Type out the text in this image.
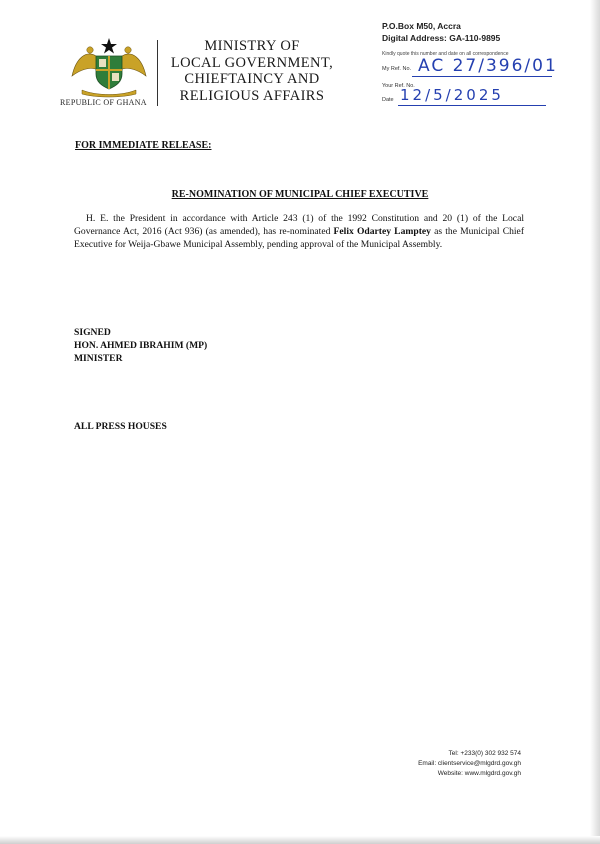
REPUBLIC OF GHANA
MINISTRY OF
LOCAL GOVERNMENT,
CHIEFTAINCY AND
RELIGIOUS AFFAIRS
P.O.Box M50, Accra
Digital Address: GA-110-9895
Kindly quote this number and date on all correspondence
My Ref. No. AC 27/396/01
Your Ref. No.
Date 12/5/2025
FOR IMMEDIATE RELEASE:
RE-NOMINATION OF MUNICIPAL CHIEF EXECUTIVE
H. E. the President in accordance with Article 243 (1) of the 1992 Constitution and 20 (1) of the Local Governance Act, 2016 (Act 936) (as amended), has re-nominated Felix Odartey Lamptey as the Municipal Chief Executive for Weija-Gbawe Municipal Assembly, pending approval of the Municipal Assembly.
SIGNED
HON. AHMED IBRAHIM (MP)
MINISTER
ALL PRESS HOUSES
Tel: +233(0) 302 932 574
Email: clientservice@mlgdrd.gov.gh
Website: www.mlgdrd.gov.gh
